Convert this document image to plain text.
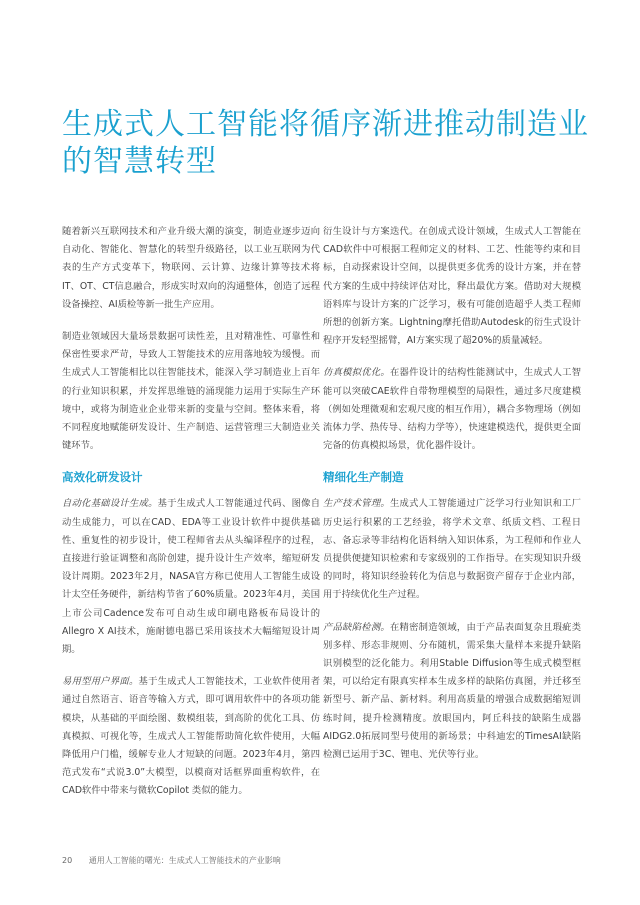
生成式人工智能将循序渐进推动制造业的智慧转型

随着新兴互联网技术和产业升级大潮的演变，制造业逐步迈向自动化、智能化、智慧化的转型升级路径，以工业互联网为代表的生产方式变革下，物联网、云计算、边缘计算等技术将IT、OT、CT信息融合，形成实时双向的沟通整体，创造了远程设备操控、AI质检等新一批生产应用。

制造业领域因大量场景数据可读性差，且对精准性、可靠性和保密性要求严苛，导致人工智能技术的应用落地较为缓慢。而生成式人工智能相比以往智能技术，能深入学习制造业上百年的行业知识积累，并发挥思维链的涌现能力运用于实际生产环境中，或将为制造业企业带来新的变量与空间。整体来看，将不同程度地赋能研发设计、生产制造、运营管理三大制造业关键环节。

高效化研发设计

自动化基础设计生成。基于生成式人工智能通过代码、图像自动生成能力，可以在CAD、EDA等工业设计软件中提供基础性、重复性的初步设计，使工程师省去从头编译程序的过程，直接进行验证调整和高阶创建，提升设计生产效率，缩短研发设计周期。2023年2月，NASA官方称已使用人工智能生成设计太空任务硬件，新结构节省了60%质量。2023年4月，美国上市公司Cadence发布可自动生成印刷电路板布局设计的Allegro X AI技术，施耐德电器已采用该技术大幅缩短设计周期。

易用型用户界面。基于生成式人工智能技术，工业软件使用者通过自然语言、语音等输入方式，即可调用软件中的各项功能模块，从基础的平面绘图、数模组装，到高阶的优化工具、仿真模拟、可视化等，生成式人工智能帮助简化软件使用，大幅降低用户门槛，缓解专业人才短缺的问题。2023年4月，第四范式发布“式说3.0”大模型，以模商对话框界面重构软件，在CAD软件中带来与微软Copilot 类似的能力。

衍生设计与方案迭代。在创成式设计领域，生成式人工智能在CAD软件中可根据工程师定义的材料、工艺、性能等约束和目标，自动探索设计空间，以提供更多优秀的设计方案，并在替代方案的生成中持续评估对比，释出最优方案。借助对大规模语料库与设计方案的广泛学习，极有可能创造超乎人类工程师所想的创新方案。Lightning摩托借助Autodesk的衍生式设计程序开发轻型摇臂，AI方案实现了超20%的质量减轻。

仿真模拟优化。在器件设计的结构性能测试中，生成式人工智能可以突破CAE软件自带物理模型的局限性，通过多尺度建模（例如处理微观和宏观尺度的相互作用），耦合多物理场（例如流体力学、热传导、结构力学等），快速建模迭代，提供更全面完备的仿真模拟场景，优化器件设计。

精细化生产制造

生产技术管理。生成式人工智能通过广泛学习行业知识和工厂历史运行积累的工艺经验，将学术文章、纸质文档、工程日志、备忘录等非结构化语料纳入知识体系，为工程师和作业人员提供便捷知识检索和专家级别的工作指导。在实现知识升级的同时，将知识经验转化为信息与数据资产留存于企业内部，用于持续优化生产过程。

产品缺陷检测。在精密制造领域，由于产品表面复杂且瑕疵类别多样、形态非规则、分布随机，需采集大量样本来提升缺陷识别模型的泛化能力。利用Stable Diffusion等生成式模型框架，可以给定有限真实样本生成多样的缺陷仿真图，并迁移至新型号、新产品、新材料。利用高质量的增强合成数据缩短训练时间，提升检测精度。放眼国内，阿丘科技的缺陷生成器AIDG2.0拓展同型号使用的新场景；中科迪宏的TimesAI缺陷检测已运用于3C、锂电、光伏等行业。

20 通用人工智能的曙光：生成式人工智能技术的产业影响
